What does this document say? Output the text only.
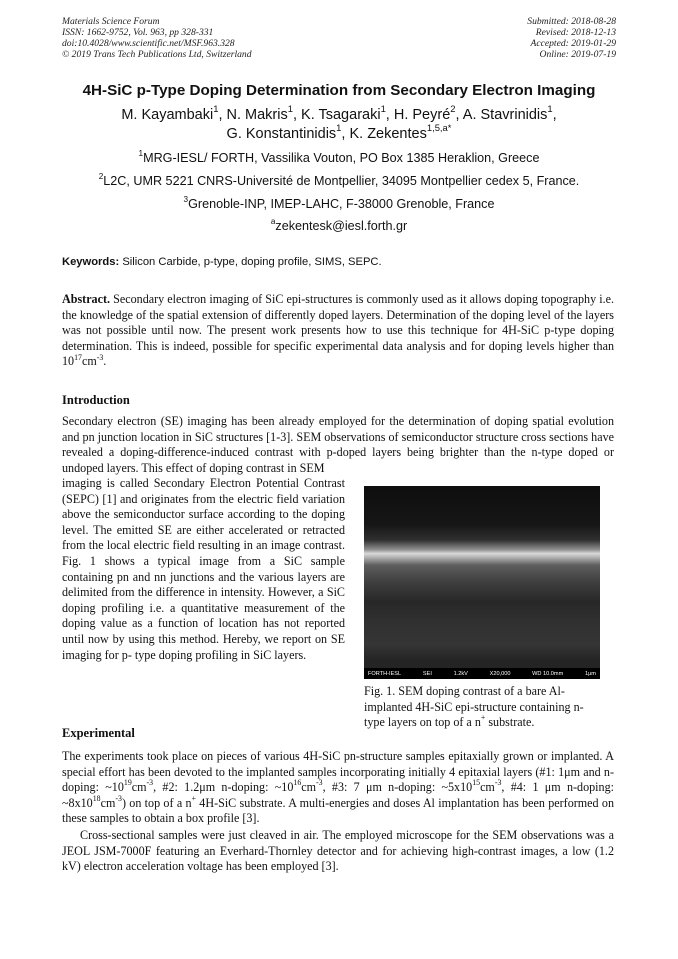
Materials Science Forum
ISSN: 1662-9752, Vol. 963, pp 328-331
doi:10.4028/www.scientific.net/MSF.963.328
© 2019 Trans Tech Publications Ltd, Switzerland
Submitted: 2018-08-28
Revised: 2018-12-13
Accepted: 2019-01-29
Online: 2019-07-19
4H-SiC p-Type Doping Determination from Secondary Electron Imaging
M. Kayambaki$^1$, N. Makris$^1$, K. Tsagaraki$^1$, H. Peyré$^2$, A. Stavrinidis$^1$,
G. Konstantinidis$^1$, K. Zekentes$^{1,5,a*}$
$^1$MRG-IESL/ FORTH, Vassilika Vouton, PO Box 1385 Heraklion, Greece
$^2$L2C, UMR 5221 CNRS-Université de Montpellier, 34095 Montpellier cedex 5, France.
$^3$Grenoble-INP, IMEP-LAHC, F-38000 Grenoble, France
$^a$zekentesk@iesl.forth.gr
Keywords: Silicon Carbide, p-type, doping profile, SIMS, SEPC.
Abstract. Secondary electron imaging of SiC epi-structures is commonly used as it allows doping topography i.e. the knowledge of the spatial extension of differently doped layers. Determination of the doping level of the layers was not possible until now. The present work presents how to use this technique for 4H-SiC p-type doping determination. This is indeed, possible for specific experimental data analysis and for doping levels higher than $10^{17}cm^{-3}$.
Introduction
Secondary electron (SE) imaging has been already employed for the determination of doping spatial evolution and pn junction location in SiC structures [1-3]. SEM observations of semiconductor structure cross sections have revealed a doping-difference-induced contrast with p-doped layers being brighter than the n-type doped or undoped layers. This effect of doping contrast in SEM
imaging is called Secondary Electron Potential Contrast (SEPC) [1] and originates from the electric field variation above the semiconductor surface according to the doping level. The emitted SE are either accelerated or retracted from the local electric field resulting in an image contrast. Fig. 1 shows a typical image from a SiC sample containing pn and nn junctions and the various layers are delimited from the difference in intensity. However, a SiC doping profiling i.e. a quantitative measurement of the doping value as a function of location has not reported until now by using this method. Hereby, we report on SE imaging for p- type doping profiling in SiC layers.
FORTH-IESL	SEI	1.2kV	X20,000	WD 10.0mm	1μm
Fig. 1. SEM doping contrast of a bare Al-implanted 4H-SiC epi-structure containing n-type layers on top of a n+ substrate.
Experimental
The experiments took place on pieces of various 4H-SiC pn-structure samples epitaxially grown or implanted. A special effort has been devoted to the implanted samples incorporating initially 4 epitaxial layers (#1: 1μm and n-doping: $\sim 10^{19}cm^{-3}$, #2: 1.2μm n-doping: $\sim 10^{16}cm^{-3}$, #3: 7 μm n-doping: $\sim 5x10^{15}cm^{-3}$, #4: 1 μm n-doping: $\sim 8x10^{18}cm^{-3}$) on top of a n+ 4H-SiC substrate. A multi-energies and doses Al implantation has been performed on these samples to obtain a box profile [3].
Cross-sectional samples were just cleaved in air. The employed microscope for the SEM observations was a JEOL JSM-7000F featuring an Everhard-Thornley detector and for achieving high-contrast images, a low (1.2 kV) electron acceleration voltage has been employed [3].
